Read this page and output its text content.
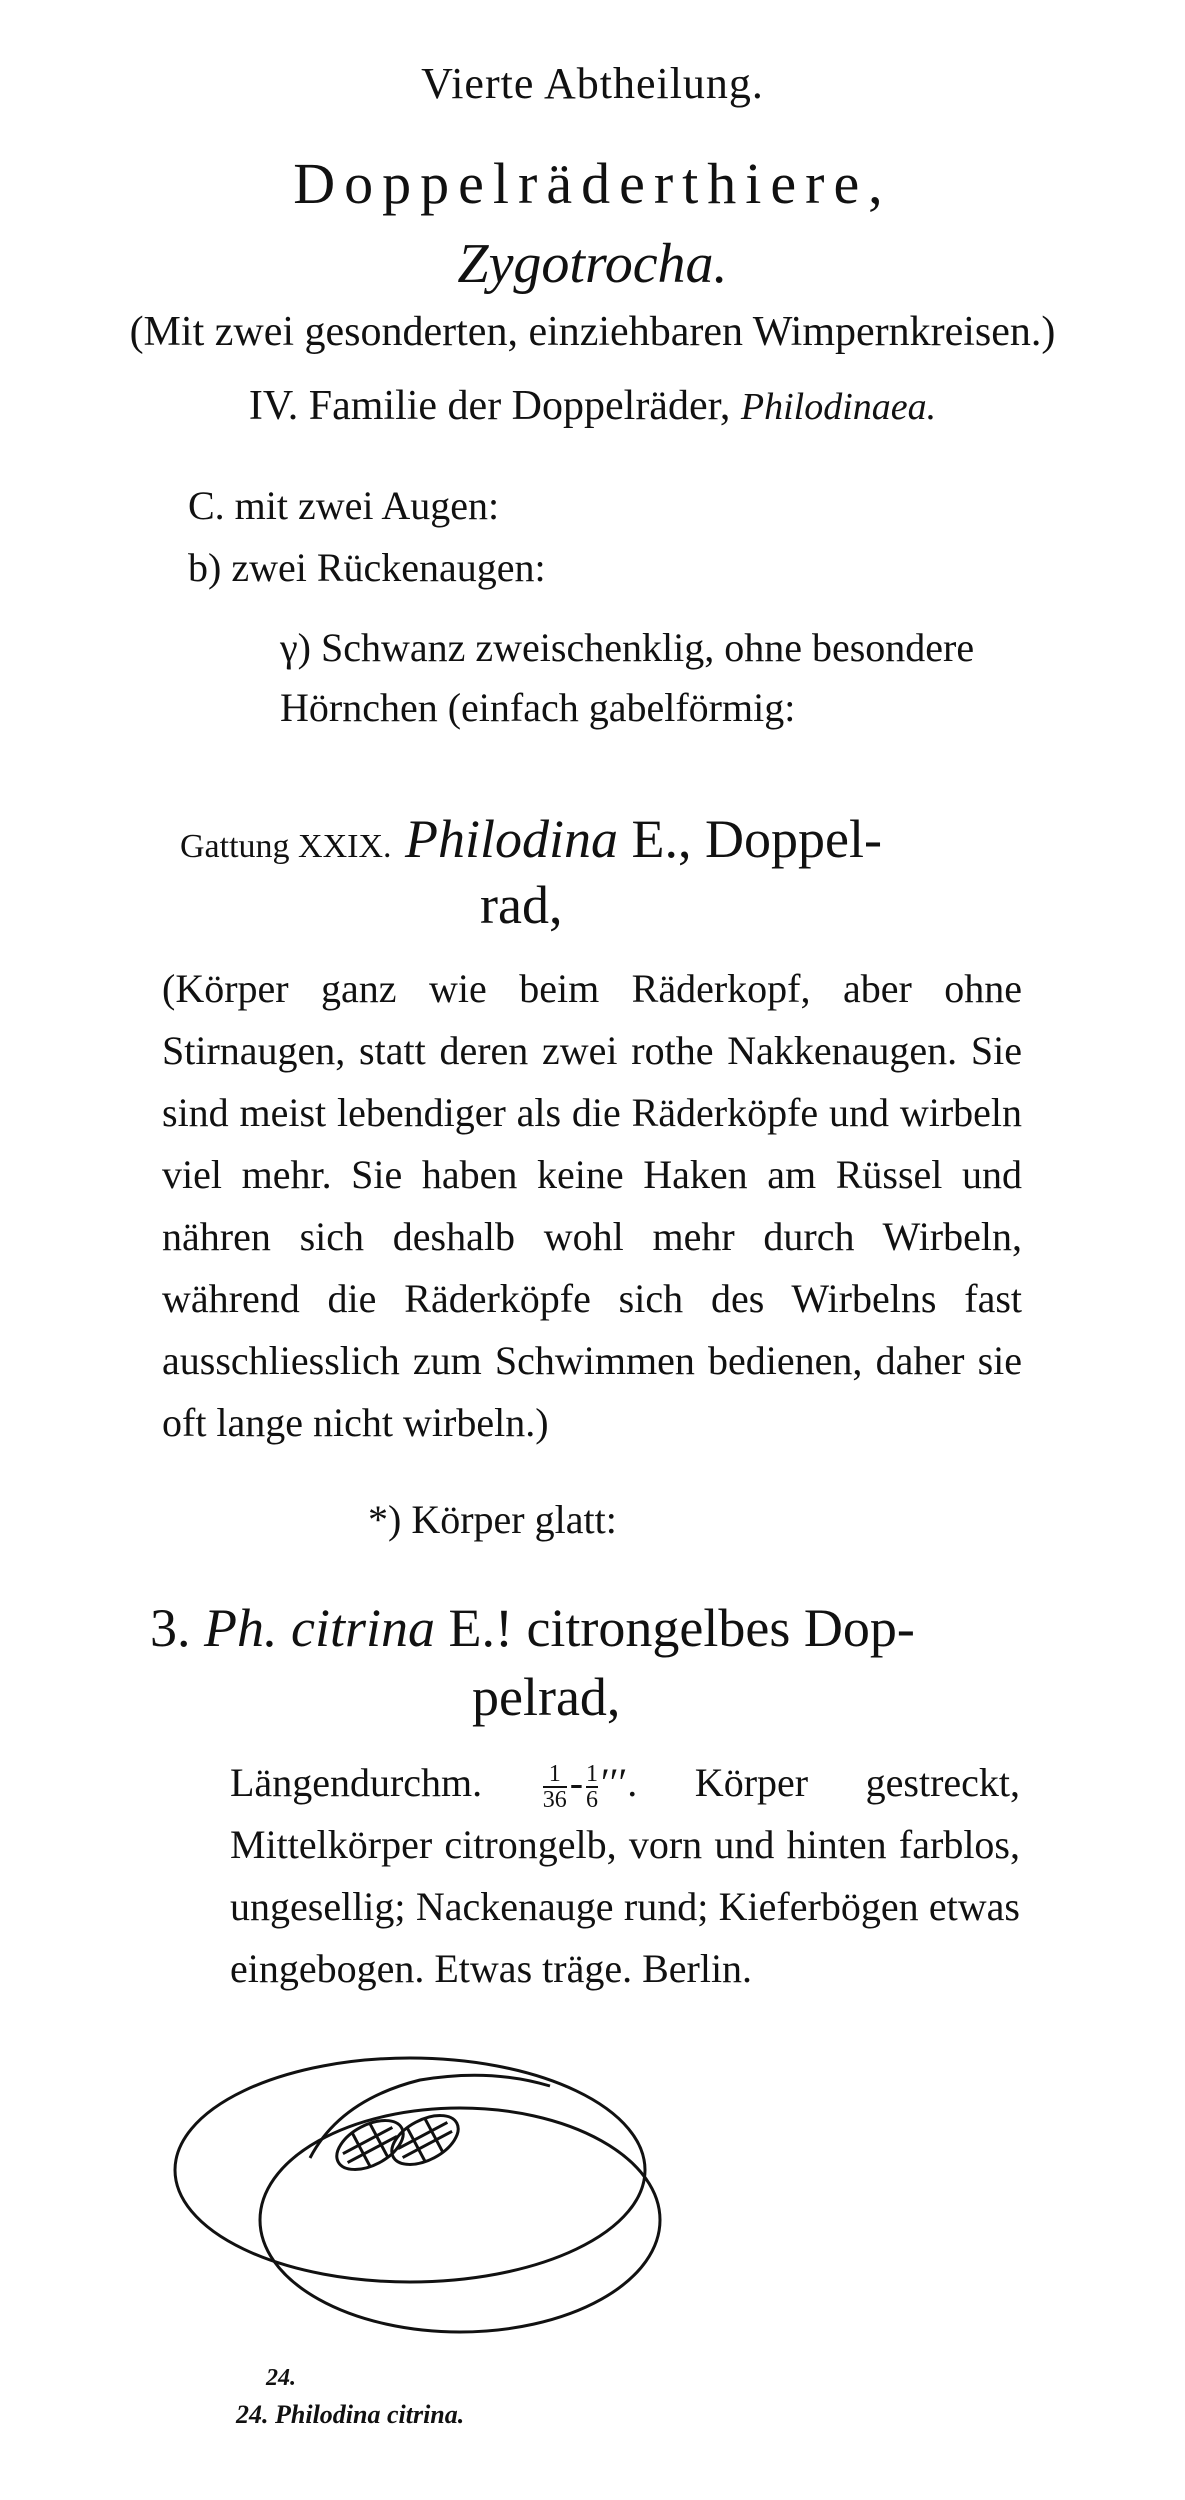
Vierte Abtheilung.
Doppelräderthiere,
Zygotrocha.
(Mit zwei gesonderten, einziehbaren Wimpernkreisen.)
IV. Familie der Doppelräder, Philodinaea.
C. mit zwei Augen:
b) zwei Rückenaugen:
γ) Schwanz zweischenklig, ohne besondere Hörnchen (einfach gabelförmig:
Gattung XXIX. Philodina E., Doppel-
rad,
(Körper ganz wie beim Räderkopf, aber ohne Stirnaugen, statt deren zwei rothe Nakkenaugen. Sie sind meist lebendiger als die Räderköpfe und wirbeln viel mehr. Sie haben keine Haken am Rüssel und nähren sich deshalb wohl mehr durch Wirbeln, während die Räderköpfe sich des Wirbelns fast ausschliesslich zum Schwimmen bedienen, daher sie oft lange nicht wirbeln.)
*) Körper glatt:
3. Ph. citrina E.! citrongelbes Dop-
pelrad,
Längendurchm.	$\frac{1}{36} - \frac{1}{6}$ ′′′. Körper gestreckt, Mittelkörper citrongelb, vorn und hinten farblos, ungesellig; Nackenauge rund; Kieferbögen etwas eingebogen. Etwas träge. Berlin.
24.
24. Philodina citrina.
